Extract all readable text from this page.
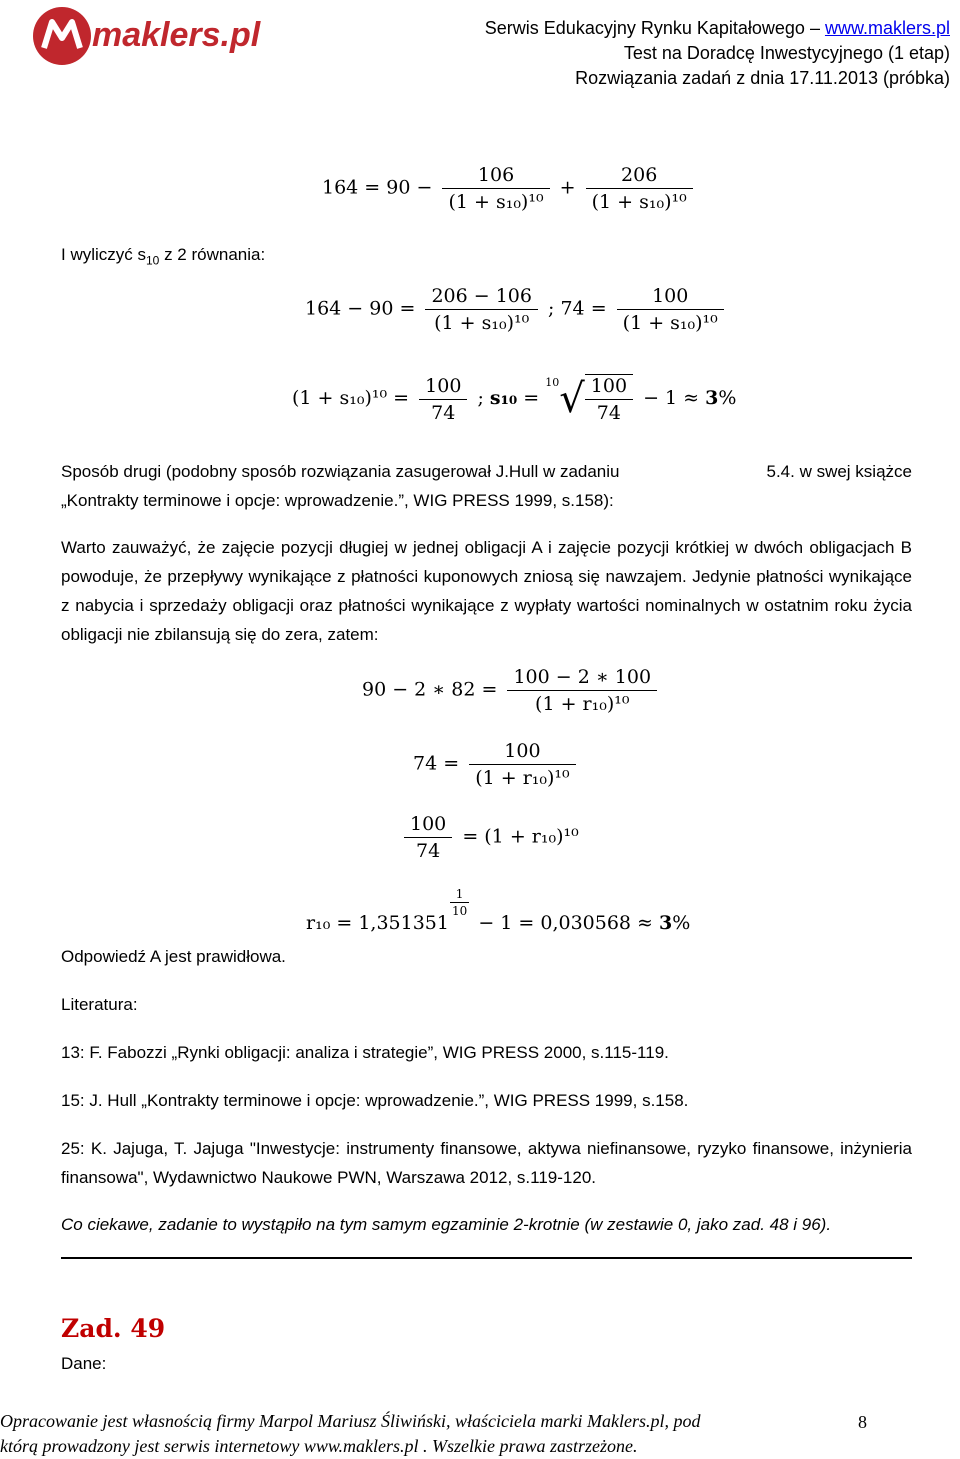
maklers.pl	Serwis Edukacyjny Rynku Kapitałowego – www.maklers.pl
Test na Doradcę Inwestycyjnego (1 etap)
Rozwiązania zadań z dnia 17.11.2013 (próbka)
$164 = 90 - \frac{106}{\text{(1 + s₁₀)¹⁰}} + \frac{206}{\text{(1 + s₁₀)¹⁰}}$
I wyliczyć $s_{10}$ z 2 równania:
$164 - 90 = \frac{206 - 106}{\text{(1 + s₁₀)¹⁰}}$ ; $74 = \frac{100}{\text{(1 + s₁₀)¹⁰}}$
$(1 + s_{10})^{10} = \frac{100}{74}$ ; $s_{10} = ^{10}√ \frac{100}{74} - 1 \approx 3\%$
Sposób drugi (podobny sposób rozwiązania zasugerował J.Hull w zadaniu	5.4. w swej książce
„Kontrakty terminowe i opcje: wprowadzenie.”, WIG PRESS 1999, s.158):
Warto zauważyć, że zajęcie pozycji długiej w jednej obligacji A i zajęcie pozycji krótkiej w dwóch obligacjach B powoduje, że przepływy wynikające z płatności kuponowych zniosą się nawzajem. Jedynie płatności wynikające z nabycia i sprzedaży obligacji oraz płatności wynikające z wypłaty wartości nominalnych w ostatnim roku życia obligacji nie zbilansują się do zera, zatem:
90 − 2 ∗ $82 = \frac{100 - 2 ∗ 100}{\text{(1 + r₁₀)¹⁰}}$
$74 = \frac{100}{\text{(1 + r₁₀)¹⁰}}$
$\frac{100}{74} = (1 + r_{10})^{10}$
r₁₀ = 1,351351
$\frac{1}{10}$
− 1 = 0,030568 ≈ 3%
Odpowiedź A jest prawidłowa.
Literatura:
13: F. Fabozzi „Rynki obligacji: analiza i strategie”, WIG PRESS 2000, s.115-119.
15: J. Hull „Kontrakty terminowe i opcje: wprowadzenie.”, WIG PRESS 1999, s.158.
25: K. Jajuga, T. Jajuga "Inwestycje: instrumenty finansowe, aktywa niefinansowe, ryzyko finansowe, inżynieria finansowa", Wydawnictwo Naukowe PWN, Warszawa 2012, s.119-120.
Co ciekawe, zadanie to wystąpiło na tym samym egzaminie 2-krotnie (w zestawie 0, jako zad. 48 i 96).
Zad. 49
Dane:
Opracowanie jest własnością firmy Marpol Mariusz Śliwiński, właściciela marki Maklers.pl, pod
którą prowadzony jest serwis internetowy www.maklers.pl . Wszelkie prawa zastrzeżone.
8
